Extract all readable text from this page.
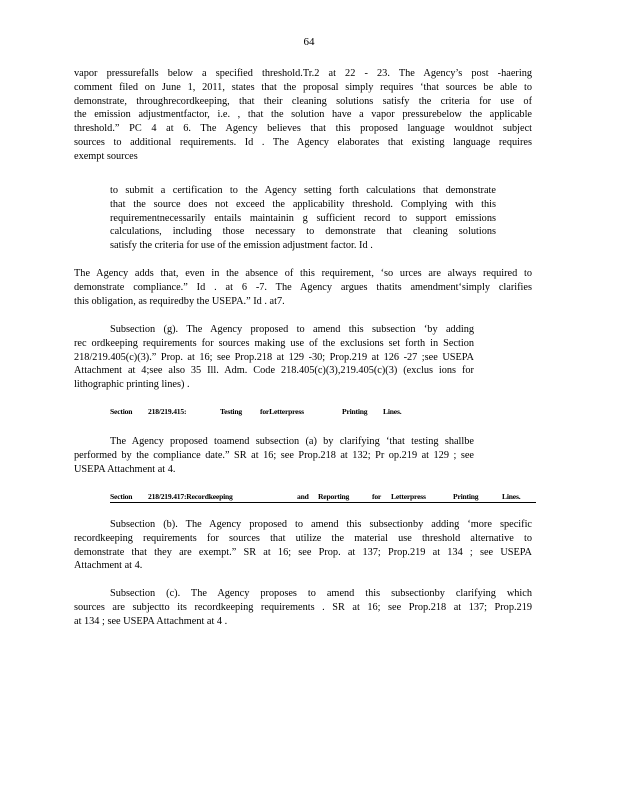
64
vapor pressurefalls below a specified threshold.Tr.2 at 22 - 23. The Agency’s post -haering
comment filed on June 1, 2011, states that the proposal simply requires ‘that sources be able to
demonstrate, throughrecordkeeping, that their cleaning solutions satisfy the criteria for use of
the emission adjustmentfactor, i.e. , that the solution have a vapor pressurebelow the applicable
threshold.” PC 4 at 6. The Agency believes that this proposed language wouldnot subject
sources to additional requirements. Id . The Agency elaborates that existing language requires
exempt sources
to submit a certification to the Agency setting forth calculations that demonstrate
that the source does not exceed the applicability threshold. Complying with this
requirementnecessarily entails maintainin g sufficient record to support emissions
calculations, including those necessary to demonstrate that cleaning solutions
satisfy the criteria for use of the emission adjustment factor. Id .
The Agency adds that, even in the absence of this requirement, ‘so urces are always required to
demonstrate compliance.” Id . at 6 -7. The Agency argues thatits amendment‘simply clarifies
this obligation, as requiredby the USEPA.” Id . at7.
Subsection (g). The Agency proposed to amend this subsection ‘by adding
rec ordkeeping requirements for sources making use of the exclusions set forth in Section
218/219.405(c)(3).” Prop. at 16; see Prop.218 at 129 -30; Prop.219 at 126 -27 ;see USEPA
Attachment at 4;see also 35 Ill. Adm. Code 218.405(c)(3),219.405(c)(3) (exclus ions for
lithographic printing lines) .
Section 218/219.415:	Testing forLetterpress	Printing Lines.
The Agency proposed toamend subsection (a) by clarifying ‘that testing shallbe
performed by the compliance date.” SR at 16; see Prop.218 at 132; Pr op.219 at 129 ; see
USEPA Attachment at 4.
Section 218/219.417:Recordkeeping	and Reporting	for Letterpress	Printing	Lines.
Subsection (b). The Agency proposed to amend this subsectionby adding ‘more specific
recordkeeping requirements for sources that utilize the material use threshold alternative to
demonstrate that they are exempt.” SR at 16; see Prop. at 137; Prop.219 at 134 ; see USEPA
Attachment at 4.
Subsection (c). The Agency proposes to amend this subsectionby clarifying which
sources are subjectto its recordkeeping requirements . SR at 16; see Prop.218 at 137; Prop.219
at 134 ; see USEPA Attachment at 4 .
